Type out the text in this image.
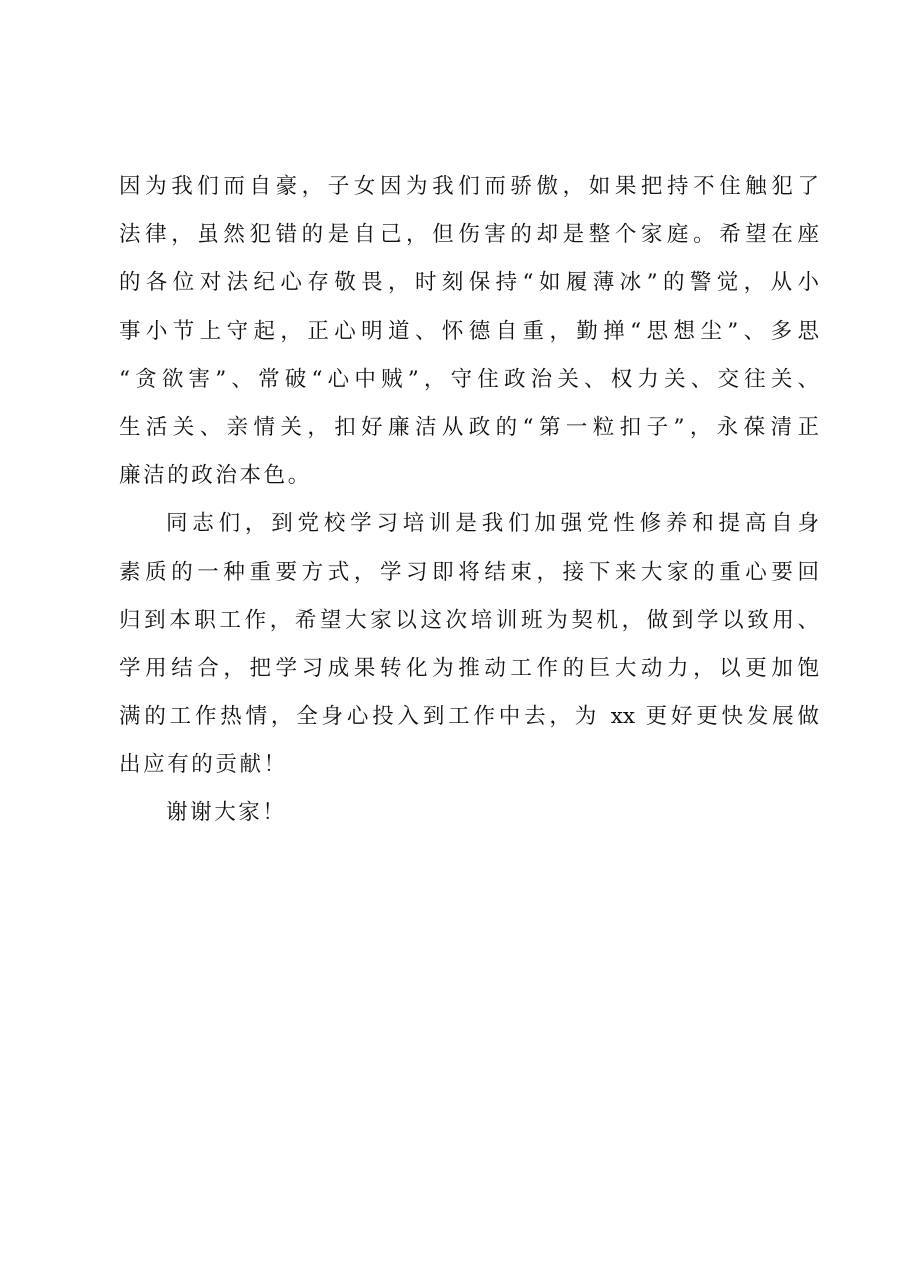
因为我们而自豪，子女因为我们而骄傲，如果把持不住触犯了
法律，虽然犯错的是自己，但伤害的却是整个家庭。希望在座
的各位对法纪心存敬畏，时刻保持“如履薄冰”的警觉，从小
事小节上守起，正心明道、怀德自重，勤掸“思想尘”、多思
“贪欲害”、常破“心中贼”，守住政治关、权力关、交往关、
生活关、亲情关，扣好廉洁从政的“第一粒扣子”，永葆清正
廉洁的政治本色。
同志们，到党校学习培训是我们加强党性修养和提高自身
素质的一种重要方式，学习即将结束，接下来大家的重心要回
归到本职工作，希望大家以这次培训班为契机，做到学以致用、
学用结合，把学习成果转化为推动工作的巨大动力，以更加饱
满的工作热情，全身心投入到工作中去，为 xx 更好更快发展做
出应有的贡献！
谢谢大家！
